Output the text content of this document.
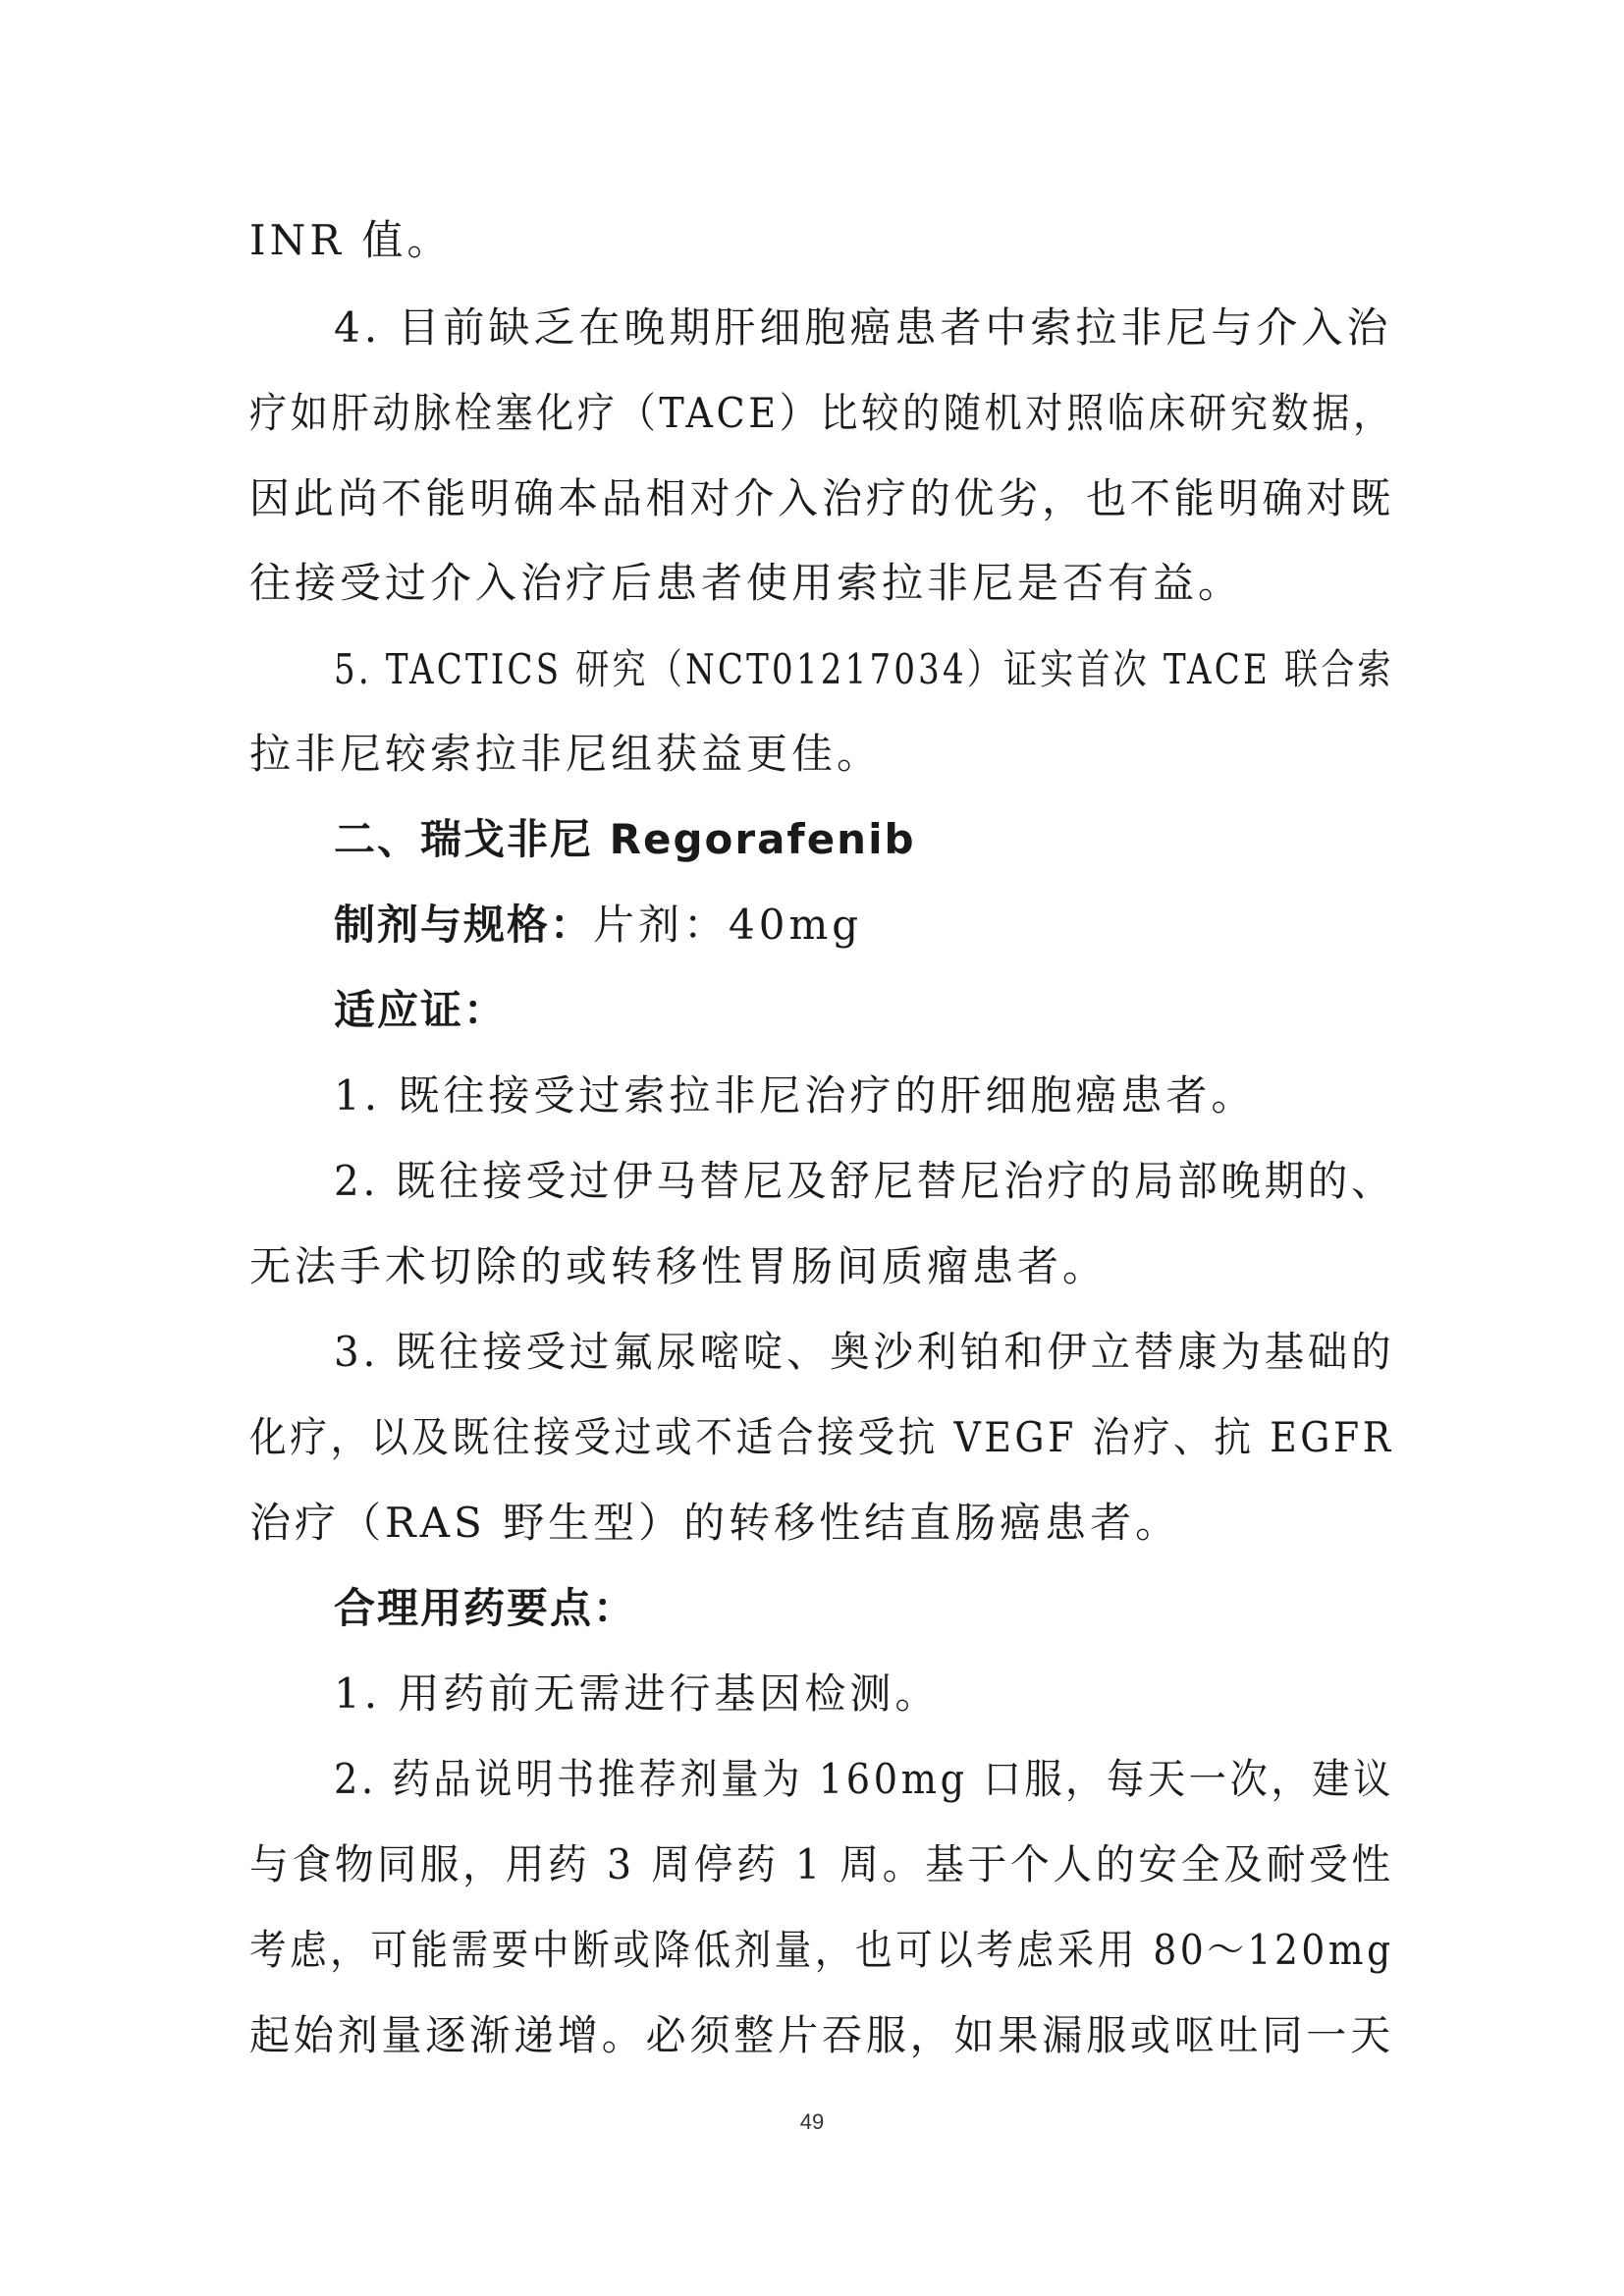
INR 值。
4. 目前缺乏在晚期肝细胞癌患者中索拉非尼与介入治
疗如肝动脉栓塞化疗（TACE）比较的随机对照临床研究数据，
因此尚不能明确本品相对介入治疗的优劣，也不能明确对既
往接受过介入治疗后患者使用索拉非尼是否有益。
5. TACTICS 研究（NCT01217034）证实首次 TACE 联合索
拉非尼较索拉非尼组获益更佳。
二、瑞戈非尼 Regorafenib
制剂与规格：片剂：40mg
适应证：
1. 既往接受过索拉非尼治疗的肝细胞癌患者。
2. 既往接受过伊马替尼及舒尼替尼治疗的局部晚期的、
无法手术切除的或转移性胃肠间质瘤患者。
3. 既往接受过氟尿嘧啶、奥沙利铂和伊立替康为基础的
化疗，以及既往接受过或不适合接受抗 VEGF 治疗、抗 EGFR
治疗（RAS 野生型）的转移性结直肠癌患者。
合理用药要点：
1. 用药前无需进行基因检测。
2. 药品说明书推荐剂量为 160mg 口服，每天一次，建议
与食物同服，用药 3 周停药 1 周。基于个人的安全及耐受性
考虑，可能需要中断或降低剂量，也可以考虑采用 80～120mg
起始剂量逐渐递增。必须整片吞服，如果漏服或呕吐同一天
49
